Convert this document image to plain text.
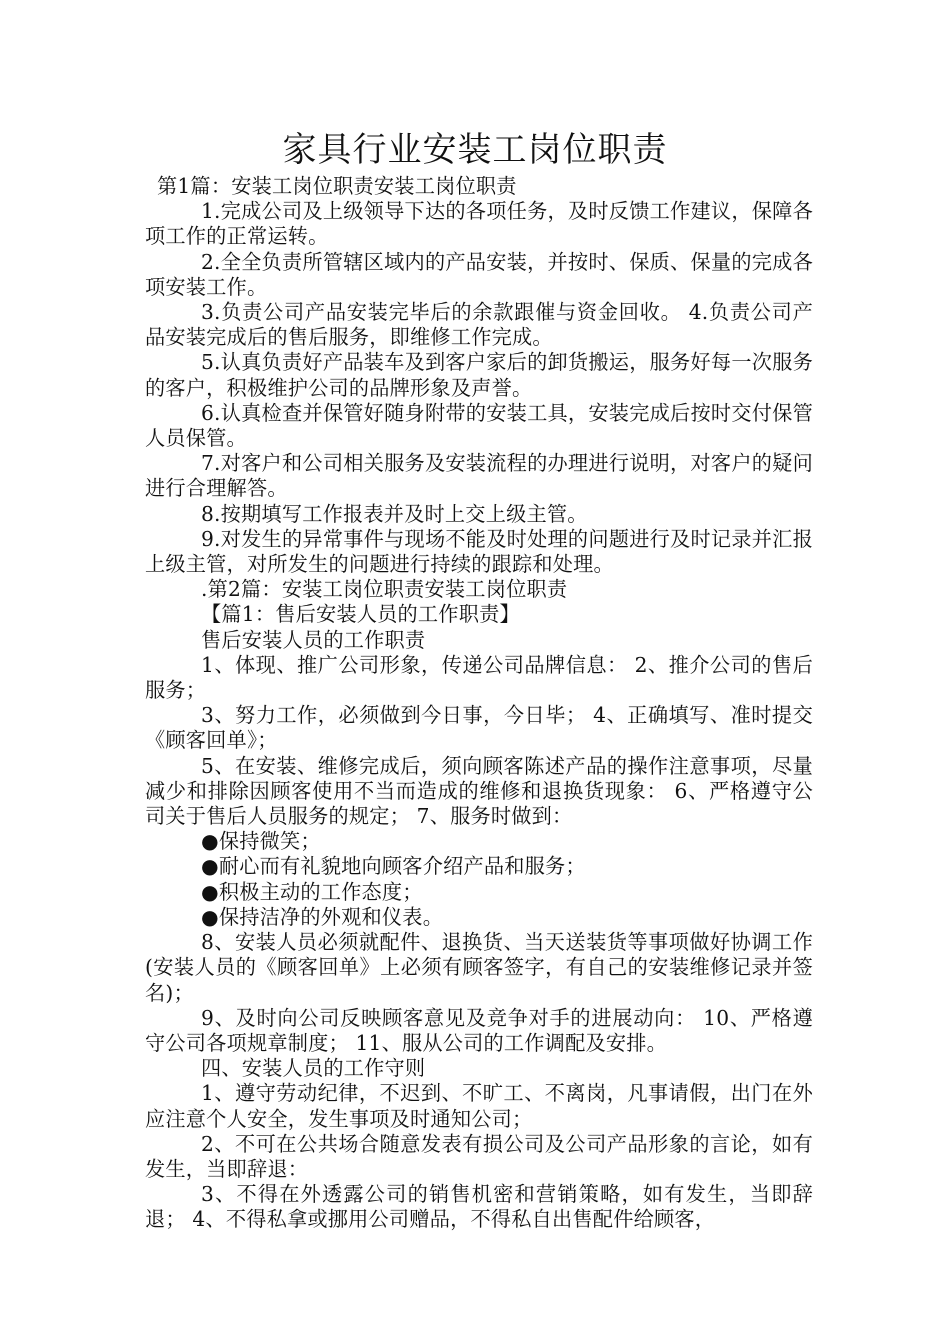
家具行业安装工岗位职责

第1篇：安装工岗位职责安装工岗位职责

1.完成公司及上级领导下达的各项任务，及时反馈工作建议，保障各项工作的正常运转。

2.全全负责所管辖区域内的产品安装，并按时、保质、保量的完成各项安装工作。

3.负责公司产品安装完毕后的余款跟催与资金回收。 4.负责公司产品安装完成后的售后服务，即维修工作完成。

5.认真负责好产品装车及到客户家后的卸货搬运，服务好每一次服务的客户，积极维护公司的品牌形象及声誉。

6.认真检查并保管好随身附带的安装工具，安装完成后按时交付保管人员保管。

7.对客户和公司相关服务及安装流程的办理进行说明，对客户的疑问进行合理解答。

8.按期填写工作报表并及时上交上级主管。

9.对发生的异常事件与现场不能及时处理的问题进行及时记录并汇报上级主管，对所发生的问题进行持续的跟踪和处理。

.第2篇：安装工岗位职责安装工岗位职责

【篇1：售后安装人员的工作职责】

售后安装人员的工作职责

1、体现、推广公司形象，传递公司品牌信息： 2、推介公司的售后服务；

3、努力工作，必须做到今日事，今日毕； 4、正确填写、准时提交《顾客回单》；

5、在安装、维修完成后，须向顾客陈述产品的操作注意事项，尽量减少和排除因顾客使用不当而造成的维修和退换货现象： 6、严格遵守公司关于售后人员服务的规定； 7、服务时做到：

●保持微笑；

●耐心而有礼貌地向顾客介绍产品和服务；

●积极主动的工作态度；

●保持洁净的外观和仪表。

8、安装人员必须就配件、退换货、当天送装货等事项做好协调工作(安装人员的《顾客回单》上必须有顾客签字，有自己的安装维修记录并签名)；

9、及时向公司反映顾客意见及竞争对手的进展动向： 10、严格遵守公司各项规章制度； 11、服从公司的工作调配及安排。

四、安装人员的工作守则

1、遵守劳动纪律，不迟到、不旷工、不离岗，凡事请假，出门在外应注意个人安全，发生事项及时通知公司；

2、不可在公共场合随意发表有损公司及公司产品形象的言论，如有发生，当即辞退：

3、不得在外透露公司的销售机密和营销策略，如有发生，当即辞退； 4、不得私拿或挪用公司赠品，不得私自出售配件给顾客，
